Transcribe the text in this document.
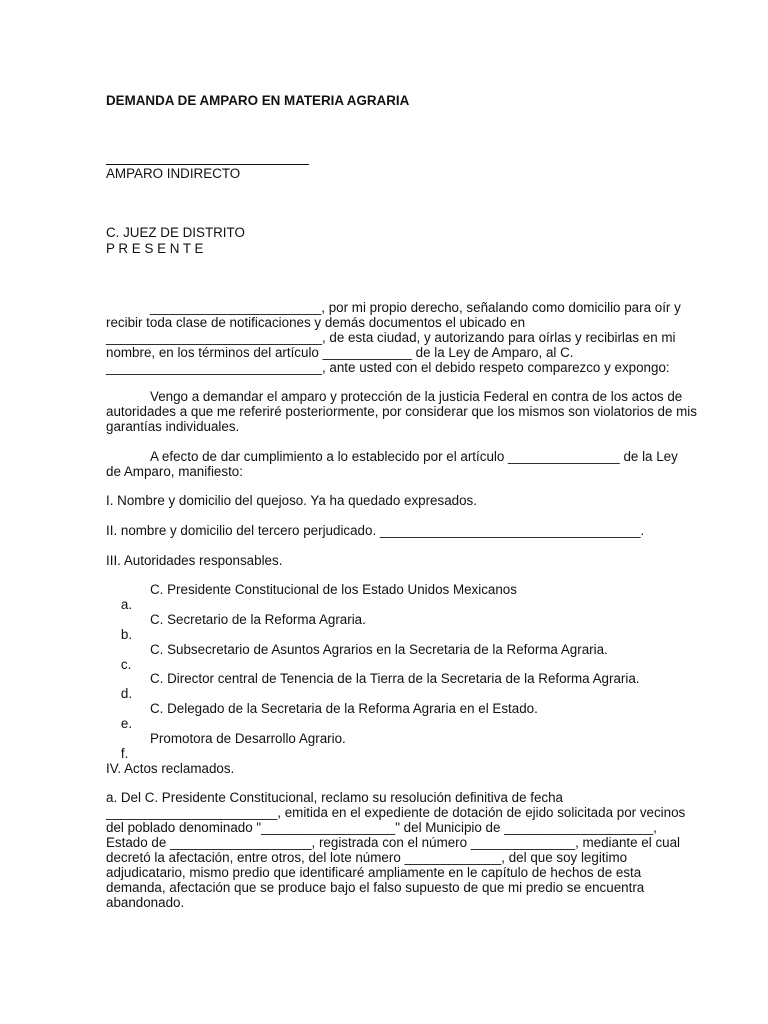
DEMANDA DE AMPARO EN MATERIA AGRARIA
AMPARO INDIRECTO
C. JUEZ DE DISTRITO
P R E S E N T E
_______________________, por mi propio derecho, señalando como domicilio para oír y
recibir toda clase de notificaciones y demás documentos el ubicado en
_____________________________, de esta ciudad, y autorizando para oírlas y recibirlas en mi
nombre, en los términos del artículo ____________ de la Ley de Amparo, al C.
_____________________________, ante usted con el debido respeto comparezco y expongo:
Vengo a demandar el amparo y protección de la justicia Federal en contra de los actos de
autoridades a que me referiré posteriormente, por considerar que los mismos son violatorios de mis
garantías individuales.
A efecto de dar cumplimiento a lo establecido por el artículo _______________ de la Ley
de Amparo, manifiesto:
I. Nombre y domicilio del quejoso. Ya ha quedado expresados.
II. nombre y domicilio del tercero perjudicado. ___________________________________.
III. Autoridades responsables.

a.

C. Presidente Constitucional de los Estado Unidos Mexicanos

b.

C. Secretario de la Reforma Agraria.

c.

C. Subsecretario de Asuntos Agrarios en la Secretaria de la Reforma Agraria.

d.

C. Director central de Tenencia de la Tierra de la Secretaria de la Reforma Agraria.

e.

C. Delegado de la Secretaria de la Reforma Agraria en el Estado.

f.

Promotora de Desarrollo Agrario.

IV. Actos reclamados.
a. Del C. Presidente Constitucional, reclamo su resolución definitiva de fecha
_______________________, emitida en el expediente de dotación de ejido solicitada por vecinos
del poblado denominado "__________________" del Municipio de ____________________,
Estado de ___________________, registrada con el número ______________, mediante el cual
decretó la afectación, entre otros, del lote número _____________, del que soy legitimo
adjudicatario, mismo predio que identificaré ampliamente en le capítulo de hechos de esta
demanda, afectación que se produce bajo el falso supuesto de que mi predio se encuentra
abandonado.
